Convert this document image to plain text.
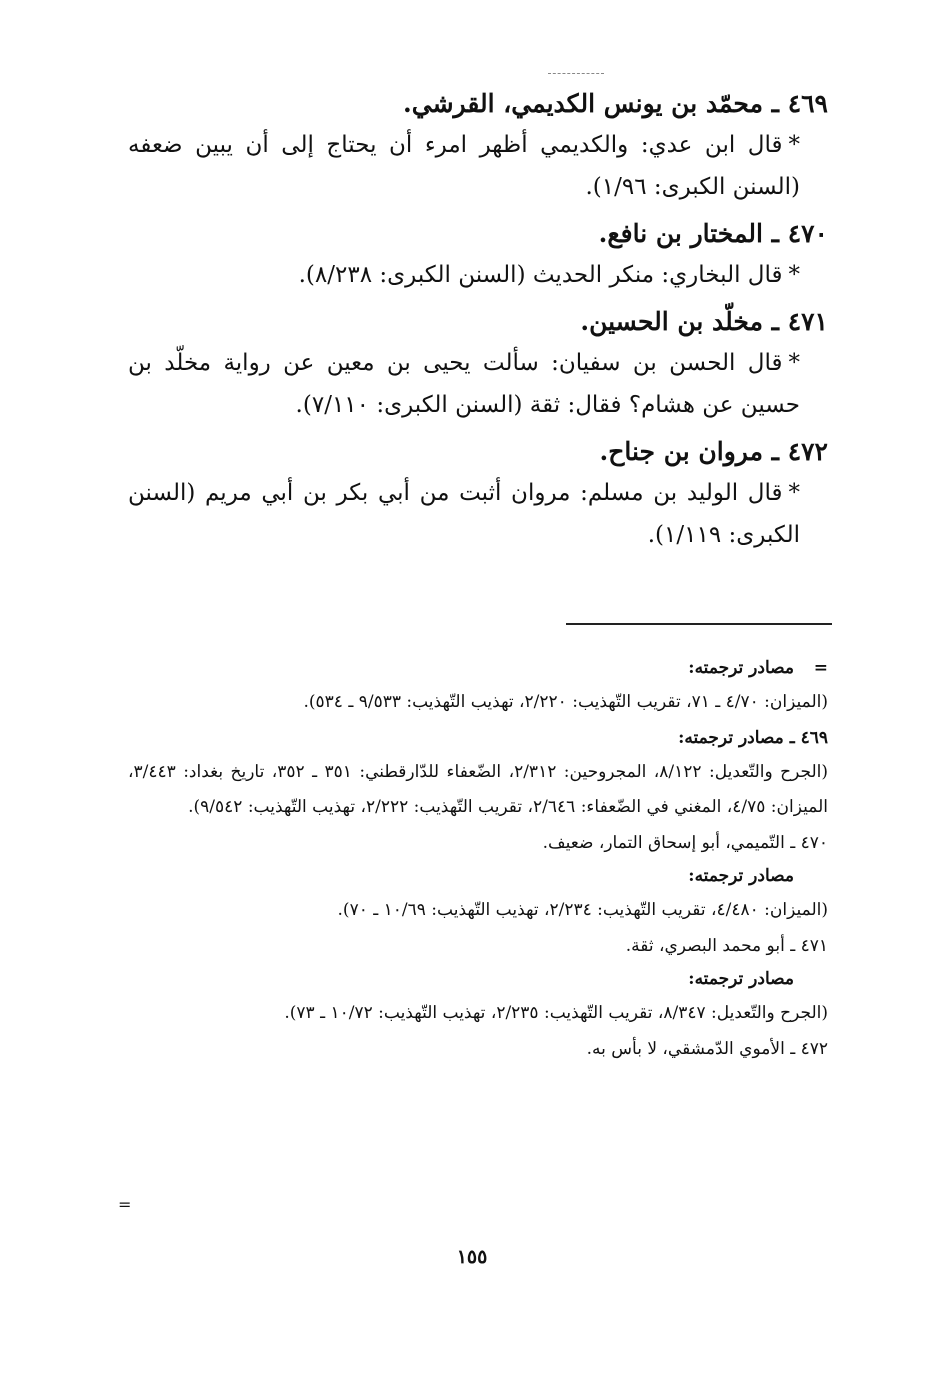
٤٦٩ ـ محمّد بن يونس الكديمي، القرشي.
*قال ابن عدي: والكديمي أظهر امرء أن يحتاج إلى أن يبين ضعفه (السنن الكبرى: ١/٩٦).
٤٧٠ ـ المختار بن نافع.
*قال البخاري: منكر الحديث (السنن الكبرى: ٨/٢٣٨).
٤٧١ ـ مخلّد بن الحسين.
*قال الحسن بن سفيان: سألت يحيى بن معين عن رواية مخلّد بن حسين عن هشام؟ فقال: ثقة (السنن الكبرى: ٧/١١٠).
٤٧٢ ـ مروان بن جناح.
*قال الوليد بن مسلم: مروان أثبت من أبي بكر بن أبي مريم (السنن الكبرى: ١/١١٩).
=مصادر ترجمته:
(الميزان: ٤/٧٠ ـ ٧١، تقريب التّهذيب: ٢/٢٢٠، تهذيب التّهذيب: ٩/٥٣٣ ـ ٥٣٤).
٤٦٩ ـ مصادر ترجمته:
(الجرح والتّعديل: ٨/١٢٢، المجروحين: ٢/٣١٢، الضّعفاء للدّارقطني: ٣٥١ ـ ٣٥٢، تاريخ بغداد: ٣/٤٤٣، الميزان: ٤/٧٥، المغني في الضّعفاء: ٢/٦٤٦، تقريب التّهذيب: ٢/٢٢٢، تهذيب التّهذيب: ٩/٥٤٢).
٤٧٠ ـ التّميمي، أبو إسحاق التمار، ضعيف.
مصادر ترجمته:
(الميزان: ٤/٤٨٠، تقريب التّهذيب: ٢/٢٣٤، تهذيب التّهذيب: ١٠/٦٩ ـ ٧٠).
٤٧١ ـ أبو محمد البصري، ثقة.
مصادر ترجمته:
(الجرح والتّعديل: ٨/٣٤٧، تقريب التّهذيب: ٢/٢٣٥، تهذيب التّهذيب: ١٠/٧٢ ـ ٧٣).
٤٧٢ ـ الأموي الدّمشقي، لا بأس به.
=
١٥٥
